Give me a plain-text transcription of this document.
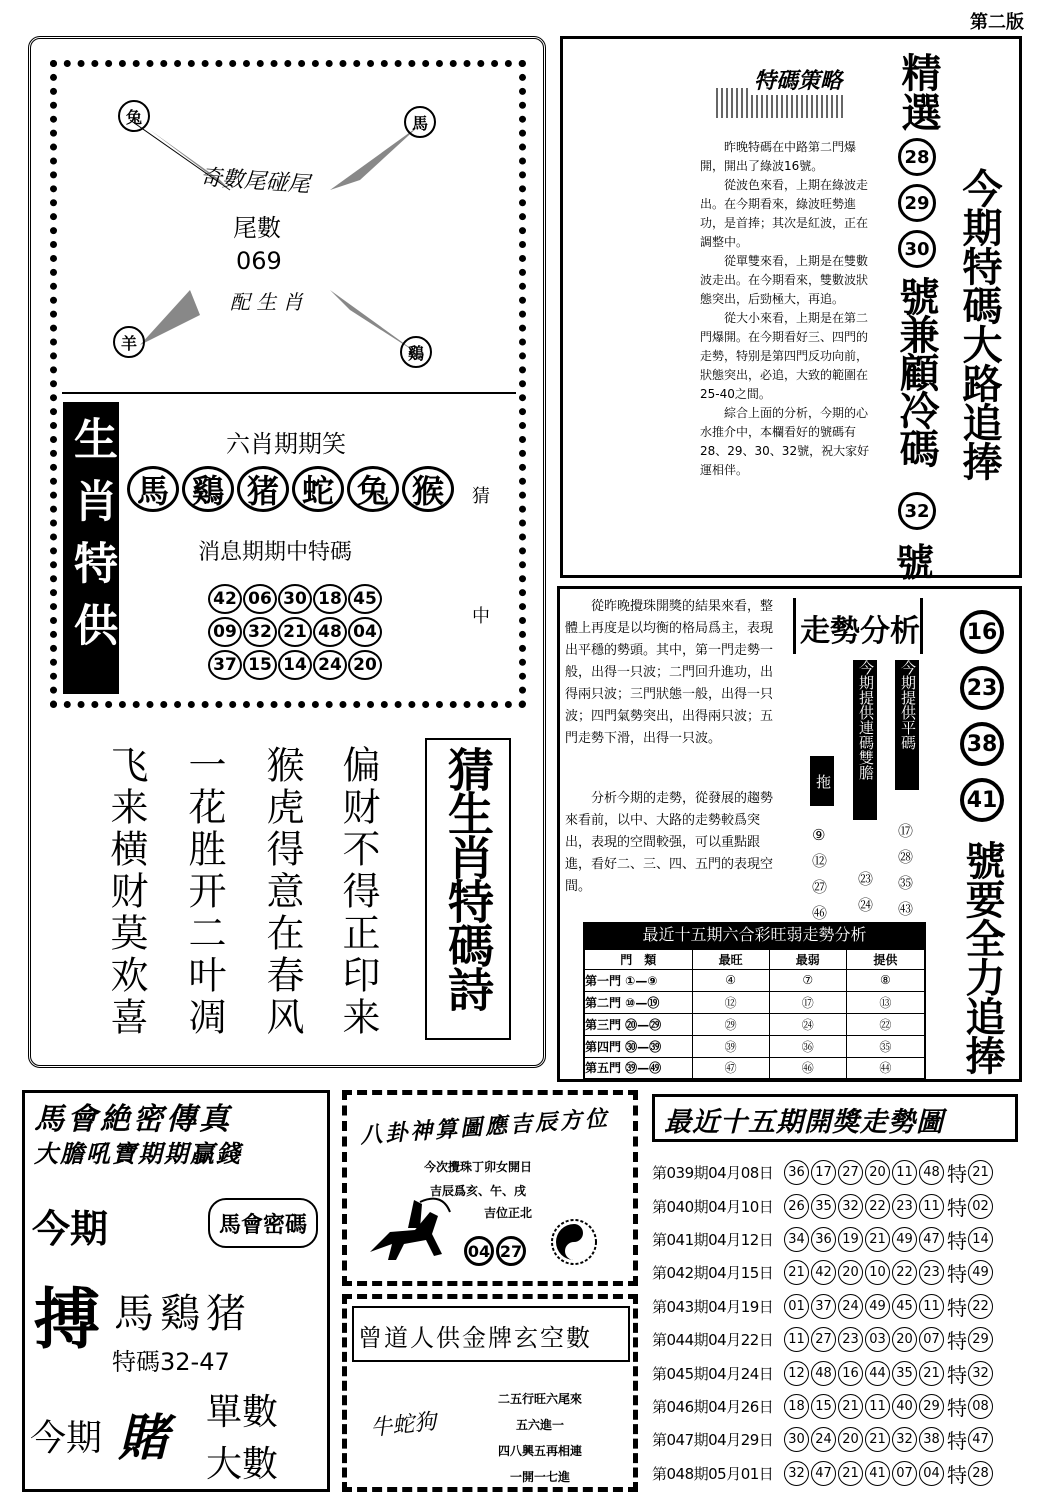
第二版
兔	馬
羊
鷄
奇數尾碰尾
尾數
069
配 生 肖
生肖特供	六肖期期笑
馬 鷄 猪 蛇 兔 猴	猜
中
消息期期中特碼
42 06 30 18 45
09 32 21 48 04
37 15 14 24 20
偏财不得正印来
猴虎得意在春风
一花胜开二叶凋
飞来横财莫欢喜	猜生肖特碼詩
特碼策略

昨晚特碼在中路第二門爆開，開出了綠波16號。

從波色來看，上期在綠波走出。在今期看來，綠波旺勢進功，是首捧；其次是紅波，正在調整中。

從單雙來看，上期是在雙數波走出。在今期看來，雙數波狀態突出，后勁極大，再追。

從大小來看，上期是在第二門爆開。在今期看好三、四門的走勢，特别是第四門反功向前，狀態突出，必追，大致的範圍在25-40之間。

綜合上面的分析，今期的心水推介中，本欄看好的號碼有28、29、30、32號，祝大家好運相伴。

精選
28 29 30
號兼顧冷碼
32
號
今期特碼大路追捧
從昨晚攪珠開獎的結果來看，整體上再度是以均衡的格局爲主，表現出平穩的勢頭。其中，第一門走勢一般，出得一只波；二門回升進功，出得兩只波；三門狀態一般，出得一只波；四門氣勢突出，出得兩只波；五門走勢下滑，出得一只波。
分析今期的走勢，從發展的趨勢來看前，以中、大路的走勢較爲突出，表現的空間較强，可以重點跟進，看好二、三、四、五門的表現空間。
走勢分析
拖
今期提供連碼雙膽 今期提供平碼
⑨
⑫
㉗
㊻
㉓
㉔
⑰
㉘
㉟
㊸
16 23 38 41
號要全力追捧
最近十五期六合彩旺弱走勢分析
門　類	最旺	最弱	提供
第一門 ①—⑨	④	⑦	⑧
第二門 ⑩—⑲	⑫	⑰	⑬
第三門 ⑳—㉙	㉙	㉔	㉒
第四門 ㉚—㊴	㊴	㊱	㉟
第五門 ㊴—㊾	㊼	㊻	㊹
馬會絶密傳真
大膽吼寶期期贏錢
今期	馬會密碼
搏 馬鷄猪
特碼32-47
今期 賭 單數
大數
八卦神算圖應吉辰方位
今次攪珠丁卯女開日
吉辰爲亥、午、戌
吉位正北
04 27
曾道人供金牌玄空數
牛蛇狗
二五行旺六尾來
五六進一
四八興五再相連
一開一七進
最近十五期開獎走勢圖
第039期04月08日	36 17 27 20 11 48 特 21
第040期04月10日	26 35 32 22 23 11 特 02
第041期04月12日	34 36 19 21 49 47 特 14
第042期04月15日	21 42 20 10 22 23 特 49
第043期04月19日	01 37 24 49 45 11 特 22
第044期04月22日	11 27 23 03 20 07 特 29
第045期04月24日	12 48 16 44 35 21 特 32
第046期04月26日	18 15 21 11 40 29 特 08
第047期04月29日	30 24 20 21 32 38 特 47
第048期05月01日	32 47 21 41 07 04 特 28
